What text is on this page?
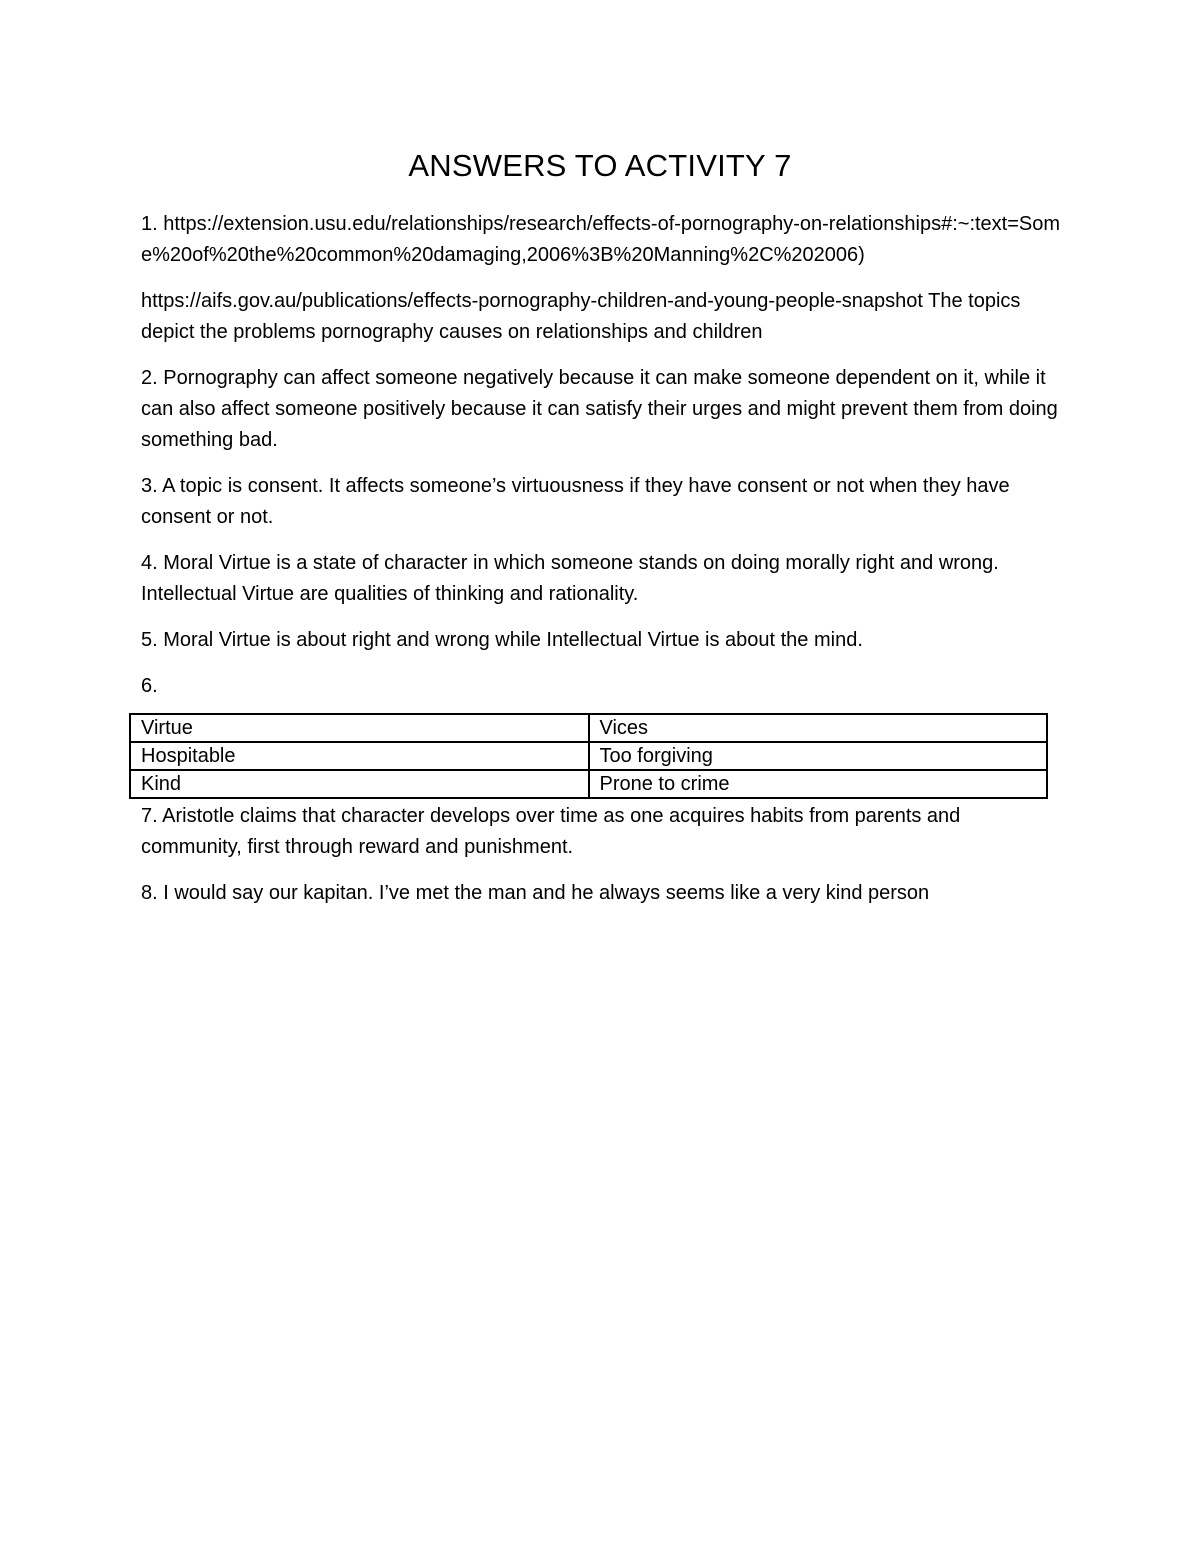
ANSWERS TO ACTIVITY 7

1. https://extension.usu.edu/relationships/research/effects-of-pornography-on-relationships#:~:text=Some%20of%20the%20common%20damaging,2006%3B%20Manning%2C%202006)

https://aifs.gov.au/publications/effects-pornography-children-and-young-people-snapshot The topics depict the problems pornography causes on relationships and children

2. Pornography can affect someone negatively because it can make someone dependent on it, while it can also affect someone positively because it can satisfy their urges and might prevent them from doing something bad.

3. A topic is consent. It affects someone’s virtuousness if they have consent or not when they have consent or not.

4. Moral Virtue is a state of character in which someone stands on doing morally right and wrong. Intellectual Virtue are qualities of thinking and rationality.

5. Moral Virtue is about right and wrong while Intellectual Virtue is about the mind.

6.

Virtue	Vices
Hospitable	Too forgiving
Kind	Prone to crime

7. Aristotle claims that character develops over time as one acquires habits from parents and community, first through reward and punishment.

8. I would say our kapitan. I’ve met the man and he always seems like a very kind person
